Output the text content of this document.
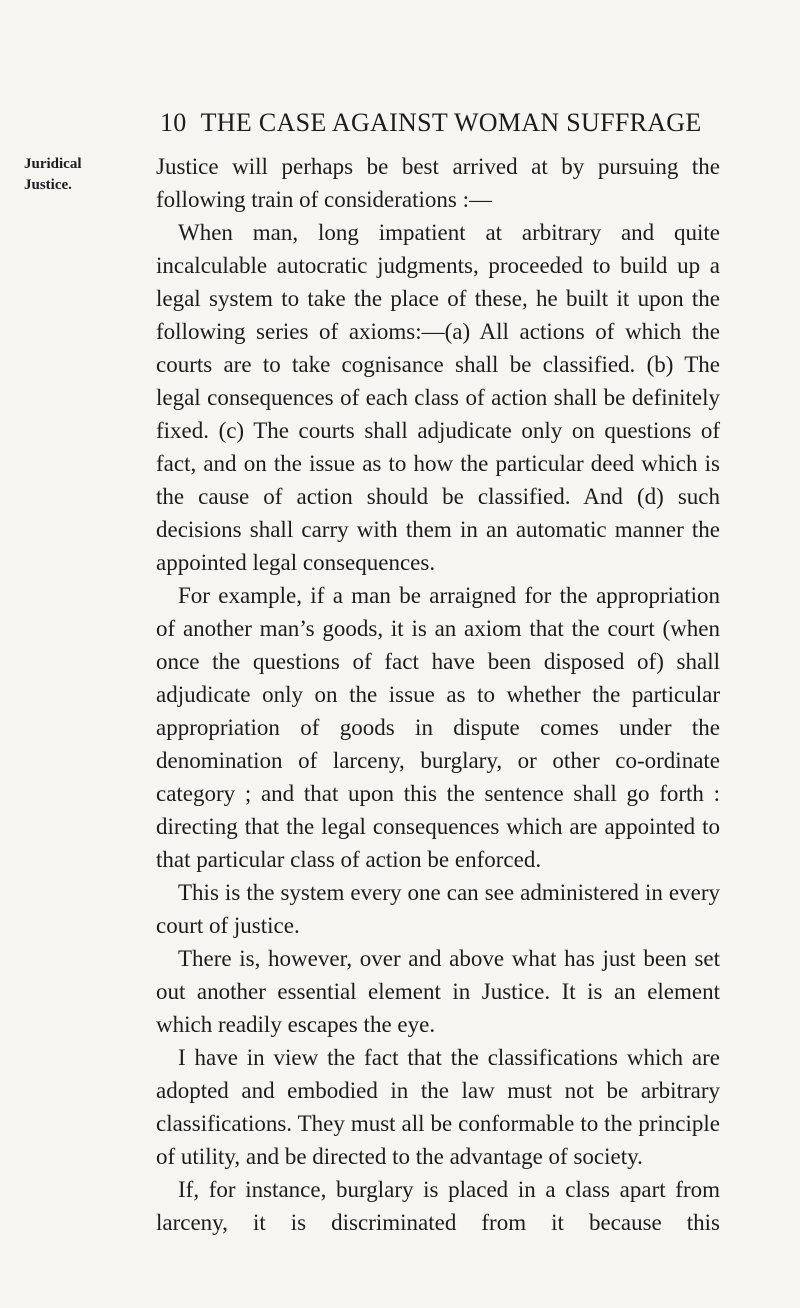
10 THE CASE AGAINST WOMAN SUFFRAGE
Juridical
Justice.

Justice will perhaps be best arrived at by pursuing the following train of considerations :—

When man, long impatient at arbitrary and quite incalculable autocratic judgments, proceeded to build up a legal system to take the place of these, he built it upon the following series of axioms:—(a) All actions of which the courts are to take cognisance shall be classified. (b) The legal consequences of each class of action shall be definitely fixed. (c) The courts shall adjudicate only on questions of fact, and on the issue as to how the particular deed which is the cause of action should be classified. And (d) such decisions shall carry with them in an automatic manner the appointed legal consequences.

For example, if a man be arraigned for the appropriation of another man’s goods, it is an axiom that the court (when once the questions of fact have been disposed of) shall adjudicate only on the issue as to whether the particular appropriation of goods in dispute comes under the denomination of larceny, burglary, or other co-ordinate category ; and that upon this the sentence shall go forth : directing that the legal consequences which are appointed to that particular class of action be enforced.

This is the system every one can see administered in every court of justice.

There is, however, over and above what has just been set out another essential element in Justice. It is an element which readily escapes the eye.

I have in view the fact that the classifications which are adopted and embodied in the law must not be arbitrary classifications. They must all be conformable to the principle of utility, and be directed to the advantage of society.

If, for instance, burglary is placed in a class apart from larceny, it is discriminated from it because this
